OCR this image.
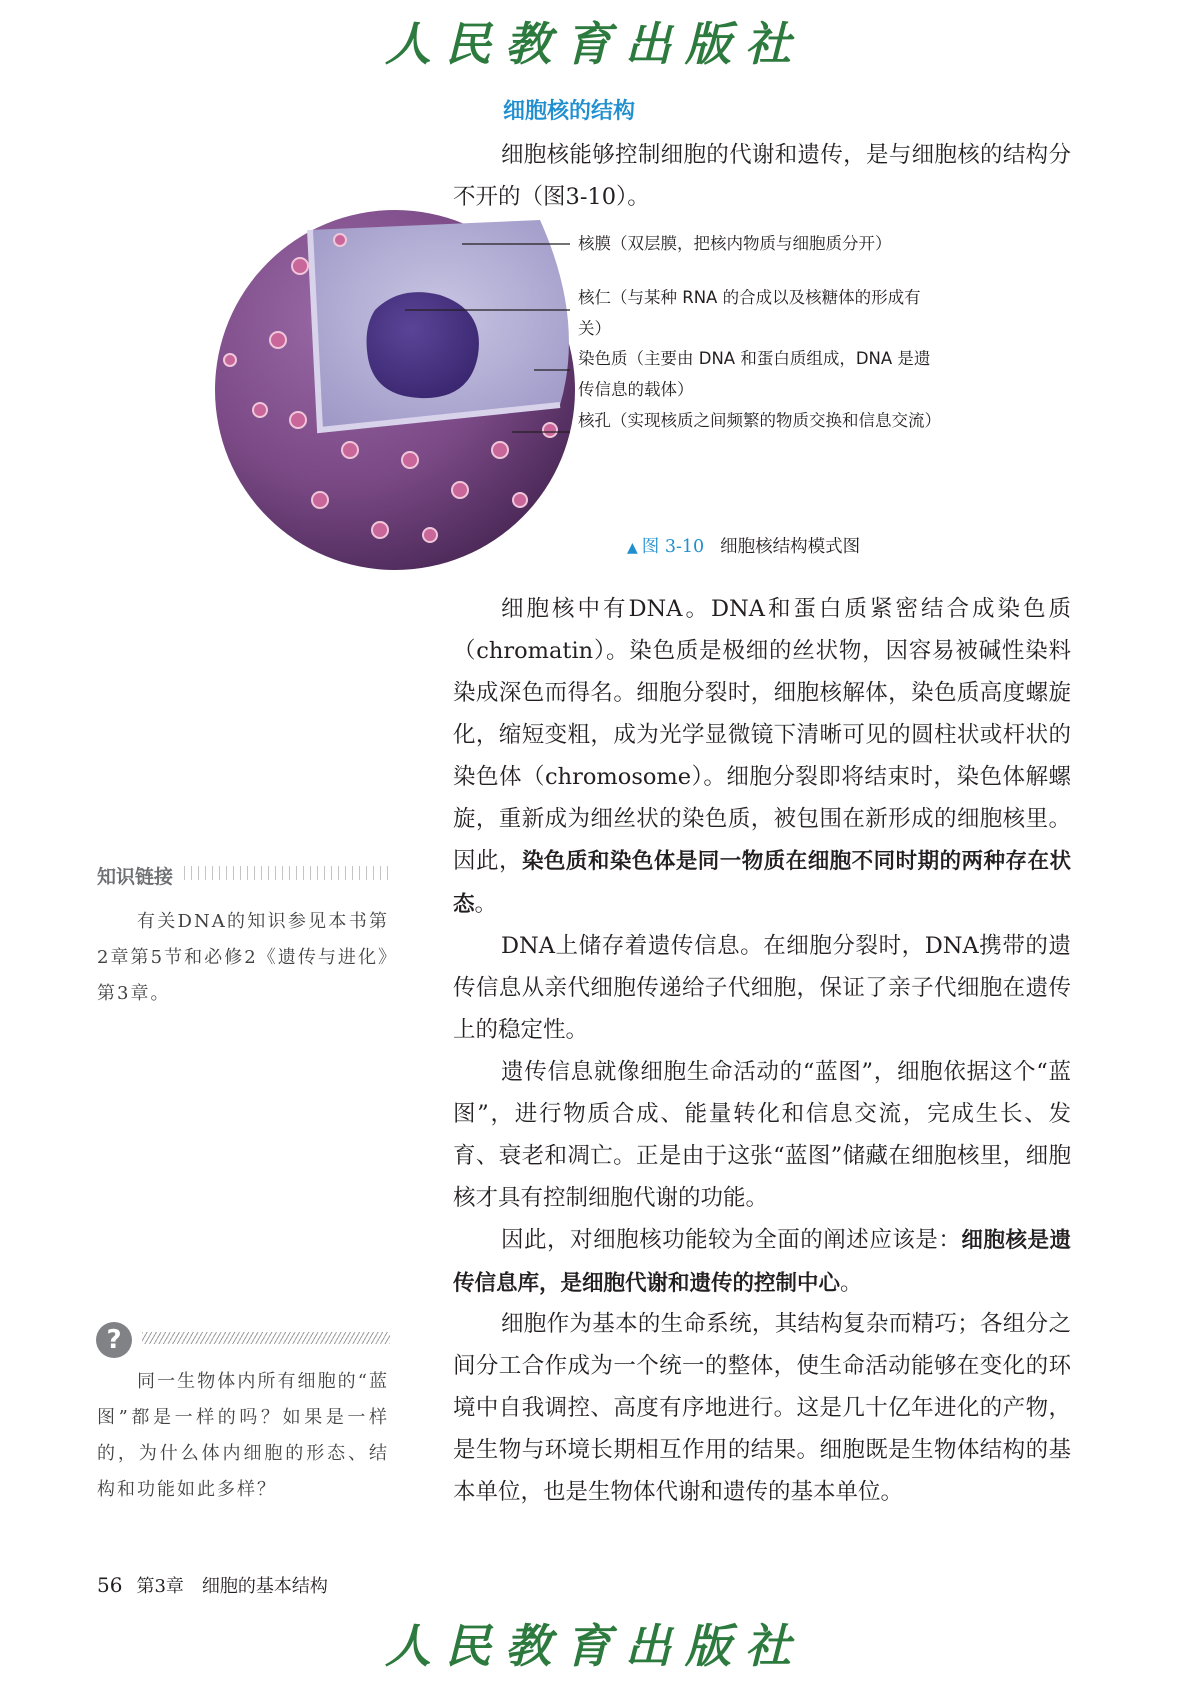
人民教育出版社
细胞核的结构

细胞核能够控制细胞的代谢和遗传，是与细胞核的结构分不开的（图3-10）。

核膜（双层膜，把核内物质与细胞质分开）
核仁（与某种 RNA 的合成以及核糖体的形成有关）
染色质（主要由 DNA 和蛋白质组成，DNA 是遗传信息的载体）
核孔（实现核质之间频繁的物质交换和信息交流）
▲ 图 3-10 细胞核结构模式图

细胞核中有DNA。DNA和蛋白质紧密结合成染色质（chromatin）。染色质是极细的丝状物，因容易被碱性染料染成深色而得名。细胞分裂时，细胞核解体，染色质高度螺旋化，缩短变粗，成为光学显微镜下清晰可见的圆柱状或杆状的染色体（chromosome）。细胞分裂即将结束时，染色体解螺旋，重新成为细丝状的染色质，被包围在新形成的细胞核里。因此，染色质和染色体是同一物质在细胞不同时期的两种存在状态。

DNA上储存着遗传信息。在细胞分裂时，DNA携带的遗传信息从亲代细胞传递给子代细胞，保证了亲子代细胞在遗传上的稳定性。

遗传信息就像细胞生命活动的“蓝图”，细胞依据这个“蓝图”，进行物质合成、能量转化和信息交流，完成生长、发育、衰老和凋亡。正是由于这张“蓝图”储藏在细胞核里，细胞核才具有控制细胞代谢的功能。

因此，对细胞核功能较为全面的阐述应该是：细胞核是遗传信息库，是细胞代谢和遗传的控制中心。

细胞作为基本的生命系统，其结构复杂而精巧；各组分之间分工合作成为一个统一的整体，使生命活动能够在变化的环境中自我调控、高度有序地进行。这是几十亿年进化的产物，是生物与环境长期相互作用的结果。细胞既是生物体结构的基本单位，也是生物体代谢和遗传的基本单位。

知识链接

有关DNA的知识参见本书第2章第5节和必修2《遗传与进化》第3章。

?

同一生物体内所有细胞的“蓝图”都是一样的吗？如果是一样的，为什么体内细胞的形态、结构和功能如此多样？

56 第3章 细胞的基本结构
人民教育出版社
